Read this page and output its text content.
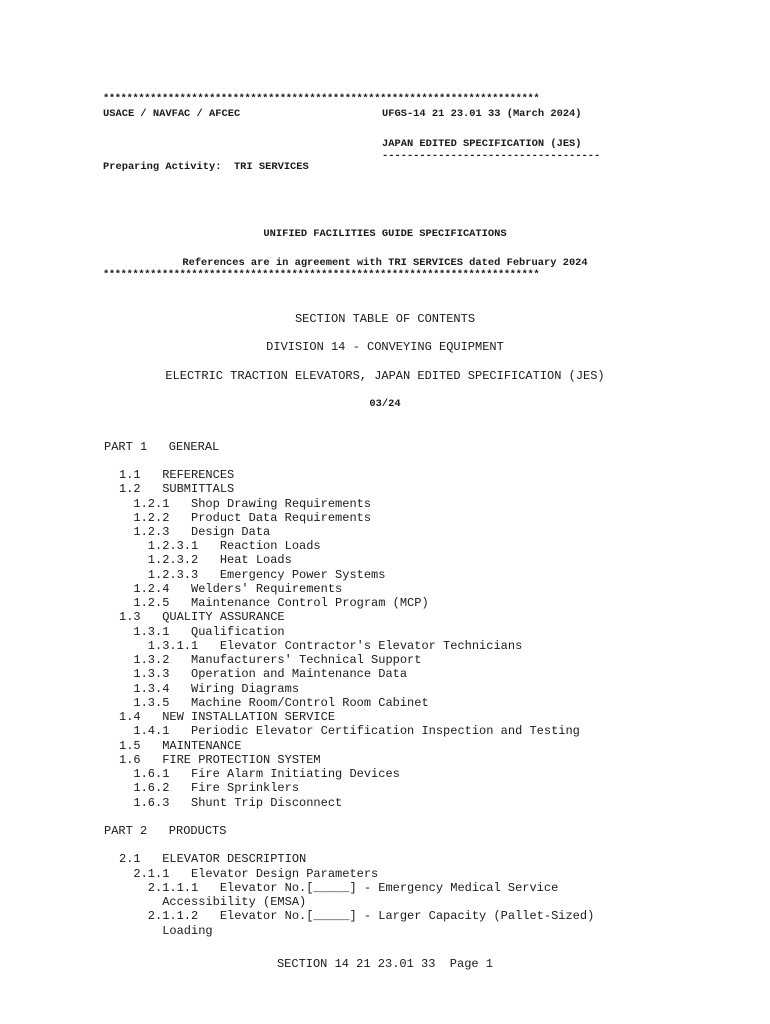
**************************************************************************
USACE / NAVFAC / AFCEC	UFGS-14 21 23.01 33 (March 2024)
JAPAN EDITED SPECIFICATION (JES)
-----------------------------------
Preparing Activity:  TRI SERVICES
UNIFIED FACILITIES GUIDE SPECIFICATIONS
References are in agreement with TRI SERVICES dated February 2024
**************************************************************************
SECTION TABLE OF CONTENTS
DIVISION 14 - CONVEYING EQUIPMENT
ELECTRIC TRACTION ELEVATORS, JAPAN EDITED SPECIFICATION (JES)
03/24
PART 1   GENERAL
1.1   REFERENCES
1.2   SUBMITTALS
1.2.1   Shop Drawing Requirements
1.2.2   Product Data Requirements
1.2.3   Design Data
1.2.3.1   Reaction Loads
1.2.3.2   Heat Loads
1.2.3.3   Emergency Power Systems
1.2.4   Welders' Requirements
1.2.5   Maintenance Control Program (MCP)
1.3   QUALITY ASSURANCE
1.3.1   Qualification
1.3.1.1   Elevator Contractor's Elevator Technicians
1.3.2   Manufacturers' Technical Support
1.3.3   Operation and Maintenance Data
1.3.4   Wiring Diagrams
1.3.5   Machine Room/Control Room Cabinet
1.4   NEW INSTALLATION SERVICE
1.4.1   Periodic Elevator Certification Inspection and Testing
1.5   MAINTENANCE
1.6   FIRE PROTECTION SYSTEM
1.6.1   Fire Alarm Initiating Devices
1.6.2   Fire Sprinklers
1.6.3   Shunt Trip Disconnect
PART 2   PRODUCTS
2.1   ELEVATOR DESCRIPTION
2.1.1   Elevator Design Parameters
2.1.1.1   Elevator No.[_____] - Emergency Medical Service
Accessibility (EMSA)
2.1.1.2   Elevator No.[_____] - Larger Capacity (Pallet-Sized)
Loading
SECTION 14 21 23.01 33  Page 1
